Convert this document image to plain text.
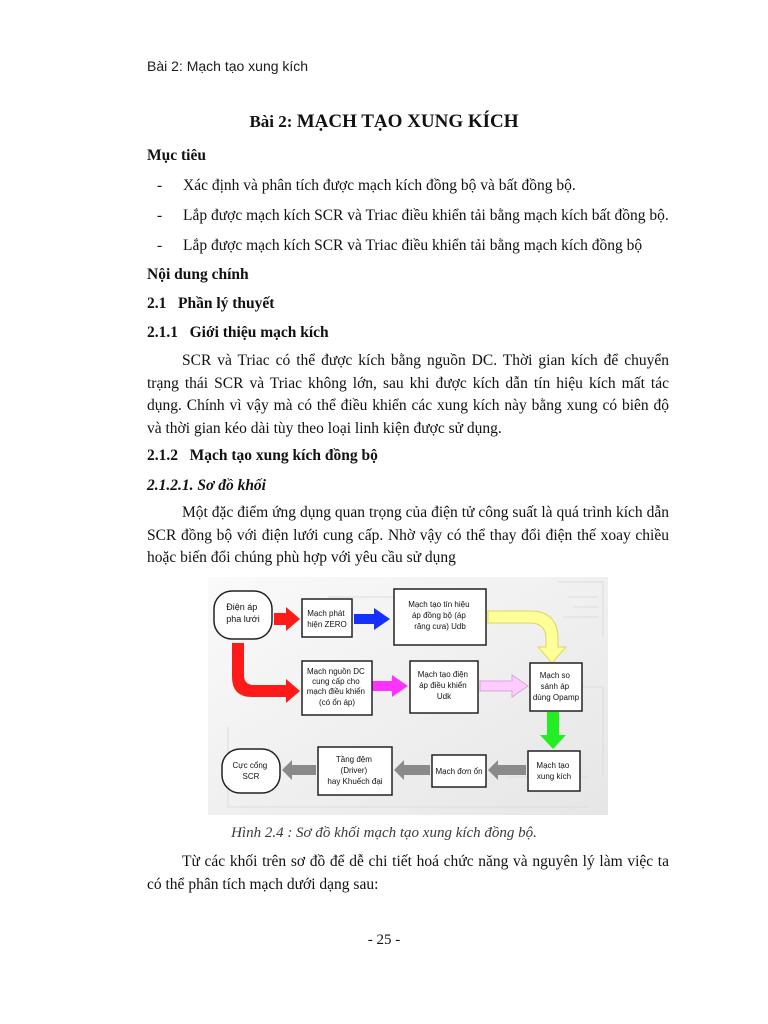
Bài 2: Mạch tạo xung kích
Bài 2: MẠCH TẠO XUNG KÍCH
Mục tiêu
- Xác định và phân tích được mạch kích đồng bộ và bất đồng bộ.
- Lắp được mạch kích SCR và Triac điều khiển tải bằng mạch kích bất đồng bộ.
- Lắp được mạch kích SCR và Triac điều khiển tải bằng mạch kích đồng bộ
Nội dung chính
2.1   Phần lý thuyết
2.1.1   Giới thiệu mạch kích
SCR và Triac có thể được kích bằng nguồn DC. Thời gian kích để chuyển trạng thái SCR và Triac không lớn, sau khi được kích dẫn tín hiệu kích mất tác dụng. Chính vì vậy mà có thể điều khiển các xung kích này bằng xung có biên độ và thời gian kéo dài tùy theo loại linh kiện được sử dụng.
2.1.2   Mạch tạo xung kích đồng bộ
2.1.2.1. Sơ đồ khối
Một đặc điểm ứng dụng quan trọng của điện tử công suất là quá trình kích dẫn SCR đồng bộ với điện lưới cung cấp. Nhờ vậy có thể thay đổi điện thế xoay chiều hoặc biến đổi chúng phù hợp với yêu cầu sử dụng
Điện áp pha lưới
Mạch phát hiện ZERO
Mạch tạo tín hiệu áp đồng bộ (áp răng cưa) Udb
Mạch nguồn DC cung cấp cho mạch điều khiển (có ổn áp)
Mạch tạo điện áp điều khiển Udk
Mạch so sánh áp dùng Opamp
Mạch tạo xung kích
Mạch đơn ổn
Tầng đệm (Driver) hay Khuếch đại
Cực cổng SCR
Hình 2.4 : Sơ đồ khối mạch tạo xung kích đồng bộ.
Từ các khối trên sơ đồ để dễ chi tiết hoá chức năng và nguyên lý làm việc ta có thể phân tích mạch dưới dạng sau:
- 25 -
